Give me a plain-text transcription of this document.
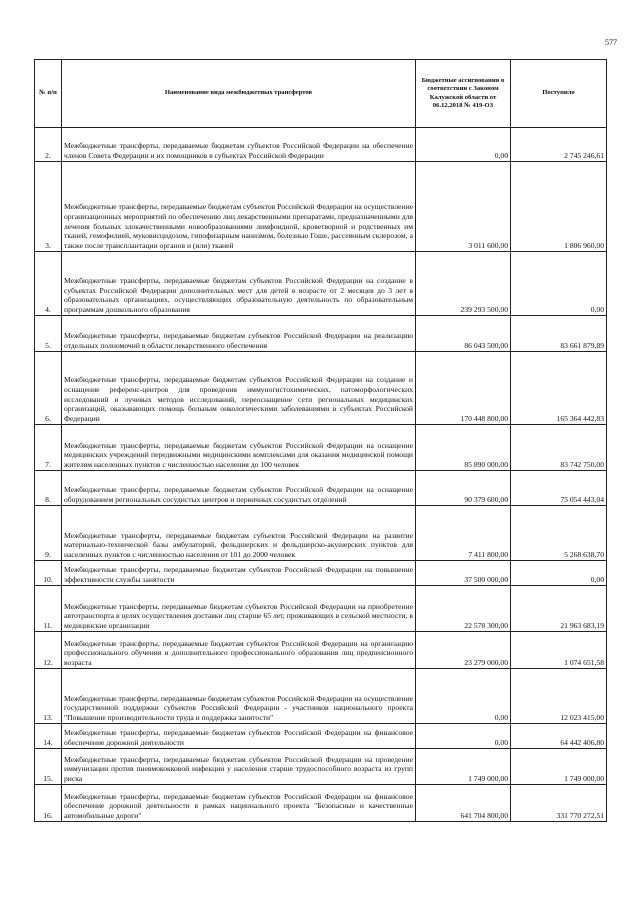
577
№ п/п	Наименование вида межбюджетных трансфертов	Бюджетные ассигнования в соответствии с Законом Калужской области от 06.12.2018 № 419-ОЗ	Поступило
2.	Межбюджетные трансферты, передаваемые бюджетам субъектов Российской Федерации на обеспечение членов Совета Федерации и их помощников в субъектах Российской Федерации	0,00	2 745 246,61
3.	Межбюджетные трансферты, передаваемые бюджетам субъектов Российской Федерации на осуществление организационных мероприятий по обеспечению лиц лекарственными препаратами, предназначенными для лечения больных злокачественными новообразованиями лимфоидной, кроветворной и родственных им тканей, гемофилией, муковисцидозом, гипофизарным нанизмом, болезнью Гоше, рассеянным склерозом, а также после трансплантации органов и (или) тканей	3 011 600,00	1 806 960,00
4.	Межбюджетные трансферты, передаваемые бюджетам субъектов Российской Федерации на создание в субъектах Российской Федерации дополнительных мест для детей в возрасте от 2 месяцев до 3 лет в образовательных организациях, осуществляющих образовательную деятельность по образовательным программам дошкольного образования	239 293 500,00	0,00
5.	Межбюджетные трансферты, передаваемые бюджетам субъектов Российской Федерации на реализацию отдельных полномочий в области лекарственного обеспечения	86 043 500,00	83 661 879,89
6.	Межбюджетные трансферты, передаваемые бюджетам субъектов Российской Федерации на создание и оснащение референс-центров для проведения иммуногистохимических, патоморфологических исследований и лучевых методов исследований, переоснащение сети региональных медицинских организаций, оказывающих помощь больным онкологическими заболеваниями в субъектах Российской Федерации	170 448 800,00	165 364 442,83
7.	Межбюджетные трансферты, передаваемые бюджетам субъектов Российской Федерации на оснащение медицинских учреждений передвижными медицинскими комплексами для оказания медицинской помощи жителям населенных пунктов с численностью населения до 100 человек	85 890 000,00	83 742 750,00
8.	Межбюджетные трансферты, передаваемые бюджетам субъектов Российской Федерации на оснащение оборудованием региональных сосудистых центров и первичных сосудистых отделений	90 379 600,00	75 054 443,04
9.	Межбюджетные трансферты, передаваемые бюджетам субъектов Российской Федерации на развитие материально-технической базы амбулаторий, фельдшерских и фельдшерско-акушерских пунктов для населенных пунктов с численностью населения от 101 до 2000 человек	7 411 800,00	5 268 638,70
10.	Межбюджетные трансферты, передаваемые бюджетам субъектов Российской Федерации на повышение эффективности службы занятости	37 500 000,00	0,00
11.	Межбюджетные трансферты, передаваемые бюджетам субъектов Российской Федерации на приобретение автотранспорта в целях осуществления доставки лиц старше 65 лет, проживающих в сельской местности, в медицинские организации	22 578 300,00	21 963 683,19
12.	Межбюджетные трансферты, передаваемые бюджетам субъектов Российской Федерации на организацию профессионального обучения и дополнительного профессионального образования лиц предпенсионного возраста	23 279 000,00	1 074 651,58
13.	Межбюджетные трансферты, передаваемые бюджетам субъектов Российской Федерации на осуществление государственной поддержки субъектов Российской Федерации - участников национального проекта "Повышение производительности труда и поддержка занятости"	0,00	12 023 415,00
14.	Межбюджетные трансферты, передаваемые бюджетам субъектов Российской Федерации на финансовое обеспечение дорожной деятельности	0,00	64 442 406,80
15.	Межбюджетные трансферты, передаваемые бюджетам субъектов Российской Федерации на проведение иммунизации против пневмококковой инфекции у населения старше трудоспособного возраста из групп риска	1 749 000,00	1 749 000,00
16.	Межбюджетные трансферты, передаваемые бюджетам субъектов Российской Федерации на финансовое обеспечение дорожной деятельности в рамках национального проекта "Безопасные и качественные автомобильные дороги"	641 704 800,00	331 770 272,51
